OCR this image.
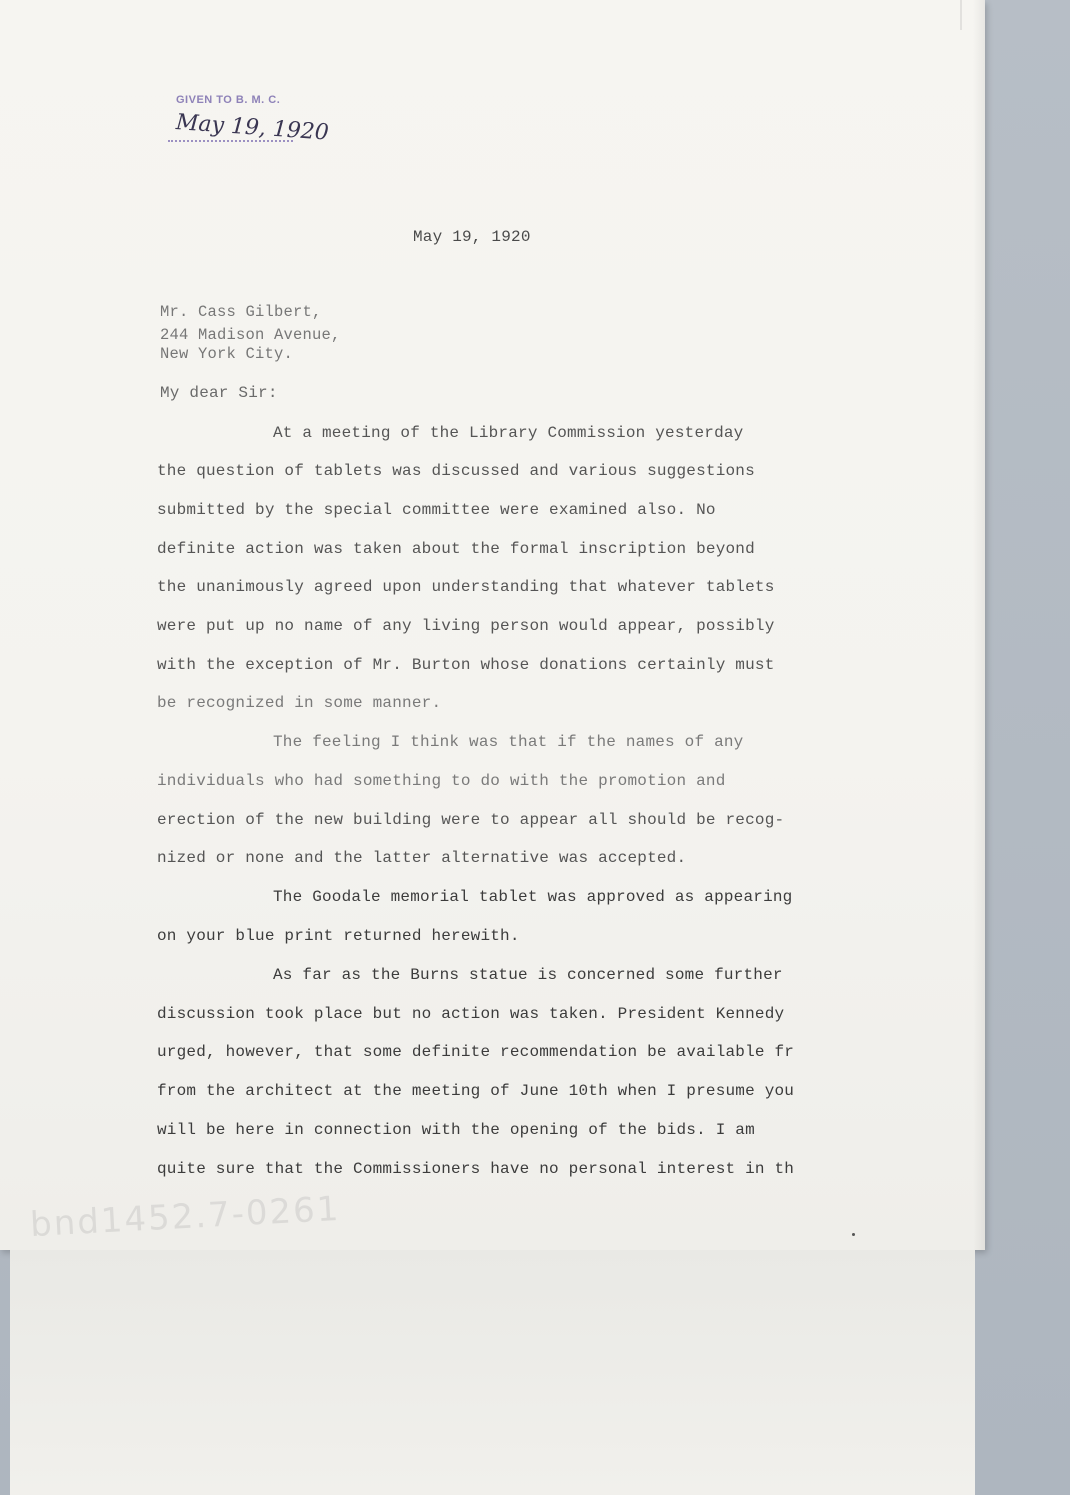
GIVEN TO B. M. C.
May 19, 1920
May 19, 1920
Mr. Cass Gilbert,
244 Madison Avenue,
New York City.
My dear Sir:
At a meeting of the Library Commission yesterday
the question of tablets was discussed and various suggestions
submitted by the special committee were examined also. No
definite action was taken about the formal inscription beyond
the unanimously agreed upon understanding that whatever tablets
were put up no name of any living person would appear, possibly
with the exception of Mr. Burton whose donations certainly must
be recognized in some manner.
The feeling I think was that if the names of any
individuals who had something to do with the promotion and
erection of the new building were to appear all should be recog-
nized or none and the latter alternative was accepted.
The Goodale memorial tablet was approved as appearing
on your blue print returned herewith.
As far as the Burns statue is concerned some further
discussion took place but no action was taken. President Kennedy
urged, however, that some definite recommendation be available fr
from the architect at the meeting of June 10th when I presume you
will be here in connection with the opening of the bids. I am
quite sure that the Commissioners have no personal interest in th
bnd1452.7-0261
